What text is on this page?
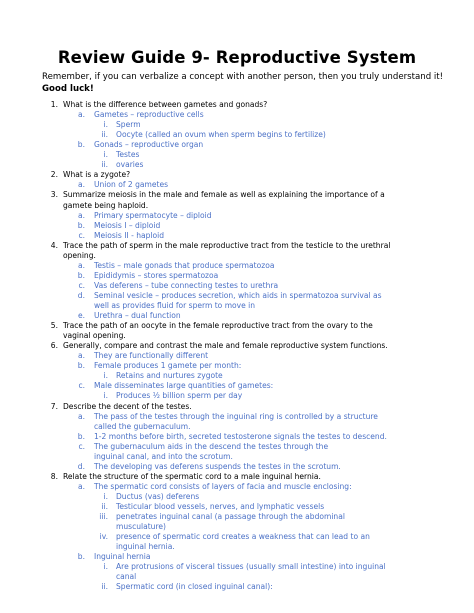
Review Guide 9- Reproductive System
Remember, if you can verbalize a concept with another person, then you truly understand it!
Good luck!
1. What is the difference between gametes and gonads?
a. Gametes – reproductive cells
i. Sperm
ii. Oocyte (called an ovum when sperm begins to fertilize)
b. Gonads – reproductive organ
i. Testes
ii. ovaries
2. What is a zygote?
a. Union of 2 gametes
3. Summarize meiosis in the male and female as well as explaining the importance of a
gamete being haploid.
a. Primary spermatocyte – diploid
b. Meiosis I – diploid
c. Meiosis II - haploid
4. Trace the path of sperm in the male reproductive tract from the testicle to the urethral
opening.
a. Testis – male gonads that produce spermatozoa
b. Epididymis – stores spermatozoa
c. Vas deferens – tube connecting testes to urethra
d. Seminal vesicle – produces secretion, which aids in spermatozoa survival as
well as provides fluid for sperm to move in
e. Urethra – dual function
5. Trace the path of an oocyte in the female reproductive tract from the ovary to the
vaginal opening.
6. Generally, compare and contrast the male and female reproductive system functions.
a. They are functionally different
b. Female produces 1 gamete per month:
i. Retains and nurtures zygote
c. Male disseminates large quantities of gametes:
i. Produces ½ billion sperm per day
7. Describe the decent of the testes.
a. The pass of the testes through the inguinal ring is controlled by a structure
called the gubernaculum.
b. 1-2 months before birth, secreted testosterone signals the testes to descend.
c. The gubernaculum aids in the descend the testes through the
inguinal canal, and into the scrotum.
d. The developing vas deferens suspends the testes in the scrotum.
8. Relate the structure of the spermatic cord to a male inguinal hernia.
a. The spermatic cord consists of layers of facia and muscle enclosing:
i. Ductus (vas) deferens
ii. Testicular blood vessels, nerves, and lymphatic vessels
iii. penetrates inguinal canal (a passage through the abdominal
musculature)
iv. presence of spermatic cord creates a weakness that can lead to an
inguinal hernia.
b. Inguinal hernia
i. Are protrusions of visceral tissues (usually small intestine) into inguinal
canal
ii. Spermatic cord (in closed inguinal canal):
